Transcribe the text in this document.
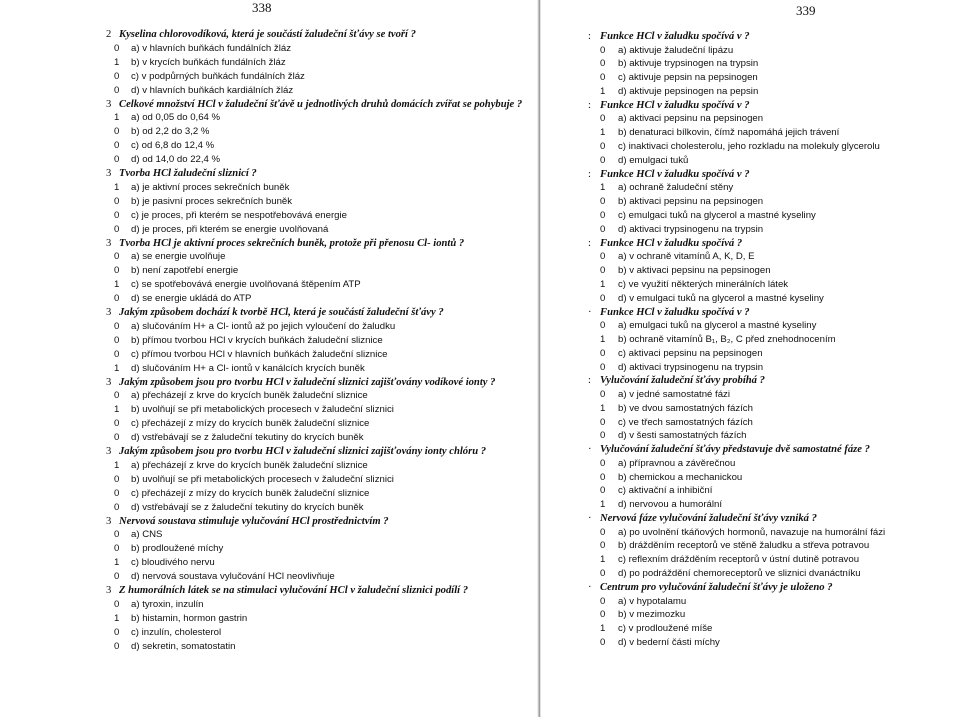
338
2 Kyselina chlorovodíková, která je součástí žaludeční šťávy se tvoří ?
0 a) v hlavních buňkách fundálních žláz
1 b) v krycích buňkách fundálních žláz
0 c) v podpůrných buňkách fundálních žláz
0 d) v hlavních buňkách kardiálních žláz
3 Celkové množství HCl v žaludeční šťávě u jednotlivých druhů domácích zvířat se pohybuje ?
1 a) od 0,05 do 0,64 %
0 b) od 2,2 do 3,2 %
0 c) od 6,8 do 12,4 %
0 d) od 14,0 do 22,4 %
3 Tvorba HCl žaludeční sliznicí ?
1 a) je aktivní proces sekrečních buněk
0 b) je pasivní proces sekrečních buněk
0 c) je proces, při kterém se nespotřebovává energie
0 d) je proces, při kterém se energie uvolňovaná
3 Tvorba HCl je aktivní proces sekrečních buněk, protože při přenosu Cl- iontů ?
0 a) se energie uvolňuje
0 b) není zapotřebí energie
1 c) se spotřebovává energie uvolňovaná štěpením ATP
0 d) se energie ukládá do ATP
3 Jakým způsobem dochází k tvorbě HCl, která je součástí žaludeční šťávy ?
0 a) slučováním H+ a Cl- iontů až po jejich vyloučení do žaludku
0 b) přímou tvorbou HCl v krycích buňkách žaludeční sliznice
0 c) přímou tvorbou HCl v hlavních buňkách žaludeční sliznice
1 d) slučováním H+ a Cl- iontů v kanálcích krycích buněk
3 Jakým způsobem jsou pro tvorbu HCl v žaludeční sliznici zajišťovány vodíkové ionty ?
0 a) přecházejí z krve do krycích buněk žaludeční sliznice
1 b) uvolňují se při metabolických procesech v žaludeční sliznici
0 c) přecházejí z mízy do krycích buněk žaludeční sliznice
0 d) vstřebávají se z žaludeční tekutiny do krycích buněk
3 Jakým způsobem jsou pro tvorbu HCl v žaludeční sliznici zajišťovány ionty chlóru ?
1 a) přecházejí z krve do krycích buněk žaludeční sliznice
0 b) uvolňují se při metabolických procesech v žaludeční sliznici
0 c) přecházejí z mízy do krycích buněk žaludeční sliznice
0 d) vstřebávají se z žaludeční tekutiny do krycích buněk
3 Nervová soustava stimuluje vylučování HCl prostřednictvím ?
0 a) CNS
0 b) prodloužené míchy
1 c) bloudivého nervu
0 d) nervová soustava vylučování HCl neovlivňuje
3 Z humorálních látek se na stimulaci vylučování HCl v žaludeční sliznici podílí ?
0 a) tyroxin, inzulín
1 b) histamin, hormon gastrin
0 c) inzulín, cholesterol
0 d) sekretin, somatostatin
339
: Funkce HCl v žaludku spočívá v ?
0 a) aktivuje žaludeční lipázu
0 b) aktivuje trypsinogen na trypsin
0 c) aktivuje pepsin na pepsinogen
1 d) aktivuje pepsinogen na pepsin
: Funkce HCl v žaludku spočívá v ?
0 a) aktivaci pepsinu na pepsinogen
1 b) denaturaci bílkovin, čímž napomáhá jejich trávení
0 c) inaktivaci cholesterolu, jeho rozkladu na molekuly glycerolu
0 d) emulgaci tuků
: Funkce HCl v žaludku spočívá v ?
1 a) ochraně žaludeční stěny
0 b) aktivaci pepsinu na pepsinogen
0 c) emulgaci tuků na glycerol a mastné kyseliny
0 d) aktivaci trypsinogenu na trypsin
: Funkce HCl v žaludku spočívá ?
0 a) v ochraně vitamínů A, K, D, E
0 b) v aktivaci pepsinu na pepsinogen
1 c) ve využití některých minerálních látek
0 d) v emulgaci tuků na glycerol a mastné kyseliny
· Funkce HCl v žaludku spočívá v ?
0 a) emulgaci tuků na glycerol a mastné kyseliny
1 b) ochraně vitamínů B₁, B₂, C před znehodnocením
0 c) aktivaci pepsinu na pepsinogen
0 d) aktivaci trypsinogenu na trypsin
: Vylučování žaludeční šťávy probíhá ?
0 a) v jedné samostatné fázi
1 b) ve dvou samostatných fázích
0 c) ve třech samostatných fázích
0 d) v šesti samostatných fázích
· Vylučování žaludeční šťávy představuje dvě samostatné fáze ?
0 a) přípravnou a závěrečnou
0 b) chemickou a mechanickou
0 c) aktivační a inhibiční
1 d) nervovou a humorální
· Nervová fáze vylučování žaludeční šťávy vzniká ?
0 a) po uvolnění tkáňových hormonů, navazuje na humorální fázi
0 b) drážděním receptorů ve stěně žaludku a střeva potravou
1 c) reflexním drážděním receptorů v ústní dutině potravou
0 d) po podráždění chemoreceptorů ve sliznici dvanáctníku
· Centrum pro vylučování žaludeční šťávy je uloženo ?
0 a) v hypotalamu
0 b) v mezimozku
1 c) v prodloužené míše
0 d) v bederní části míchy
